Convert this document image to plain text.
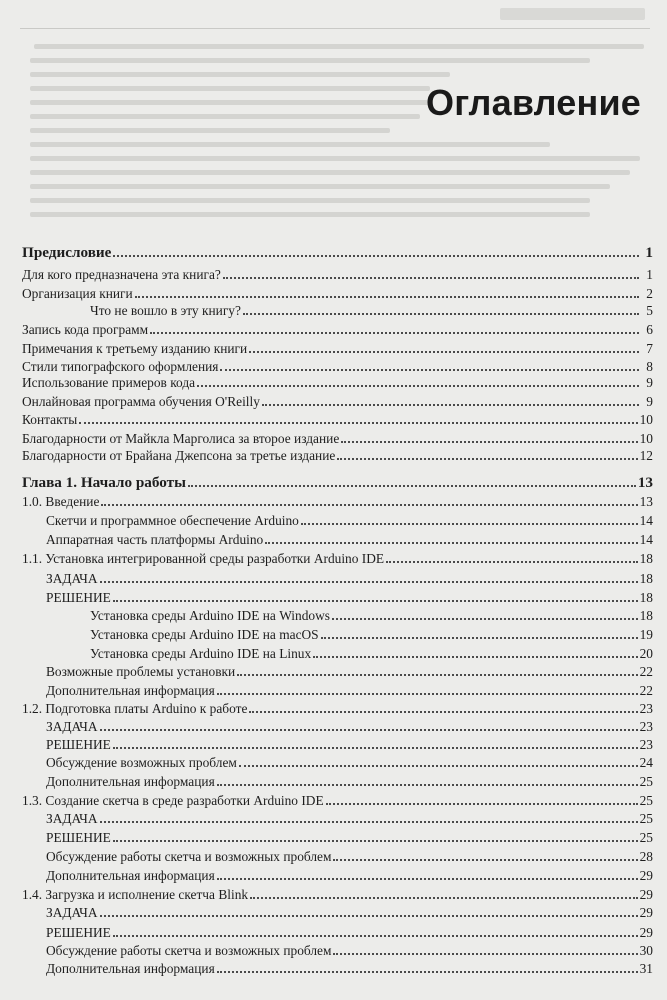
Оглавление
Предисловие	1
Для кого предназначена эта книга?	1
Организация книги	2
Что не вошло в эту книгу?	5
Запись кода программ	6
Примечания к третьему изданию книги	7
Стили типографского оформления	8
Использование примеров кода	9
Онлайновая программа обучения O'Reilly	9
Контакты	10
Благодарности от Майкла Марголиса за второе издание	10
Благодарности от Брайана Джепсона за третье издание	12
Глава 1. Начало работы	13
1.0. Введение	13
Скетчи и программное обеспечение Arduino	14
Аппаратная часть платформы Arduino	14
1.1. Установка интегрированной среды разработки Arduino IDE	18
ЗАДАЧА	18
РЕШЕНИЕ	18
Установка среды Arduino IDE на Windows	18
Установка среды Arduino IDE на macOS	19
Установка среды Arduino IDE на Linux	20
Возможные проблемы установки	22
Дополнительная информация	22
1.2. Подготовка платы Arduino к работе	23
ЗАДАЧА	23
РЕШЕНИЕ	23
Обсуждение возможных проблем	24
Дополнительная информация	25
1.3. Создание скетча в среде разработки Arduino IDE	25
ЗАДАЧА	25
РЕШЕНИЕ	25
Обсуждение работы скетча и возможных проблем	28
Дополнительная информация	29
1.4. Загрузка и исполнение скетча Blink	29
ЗАДАЧА	29
РЕШЕНИЕ	29
Обсуждение работы скетча и возможных проблем	30
Дополнительная информация	31
